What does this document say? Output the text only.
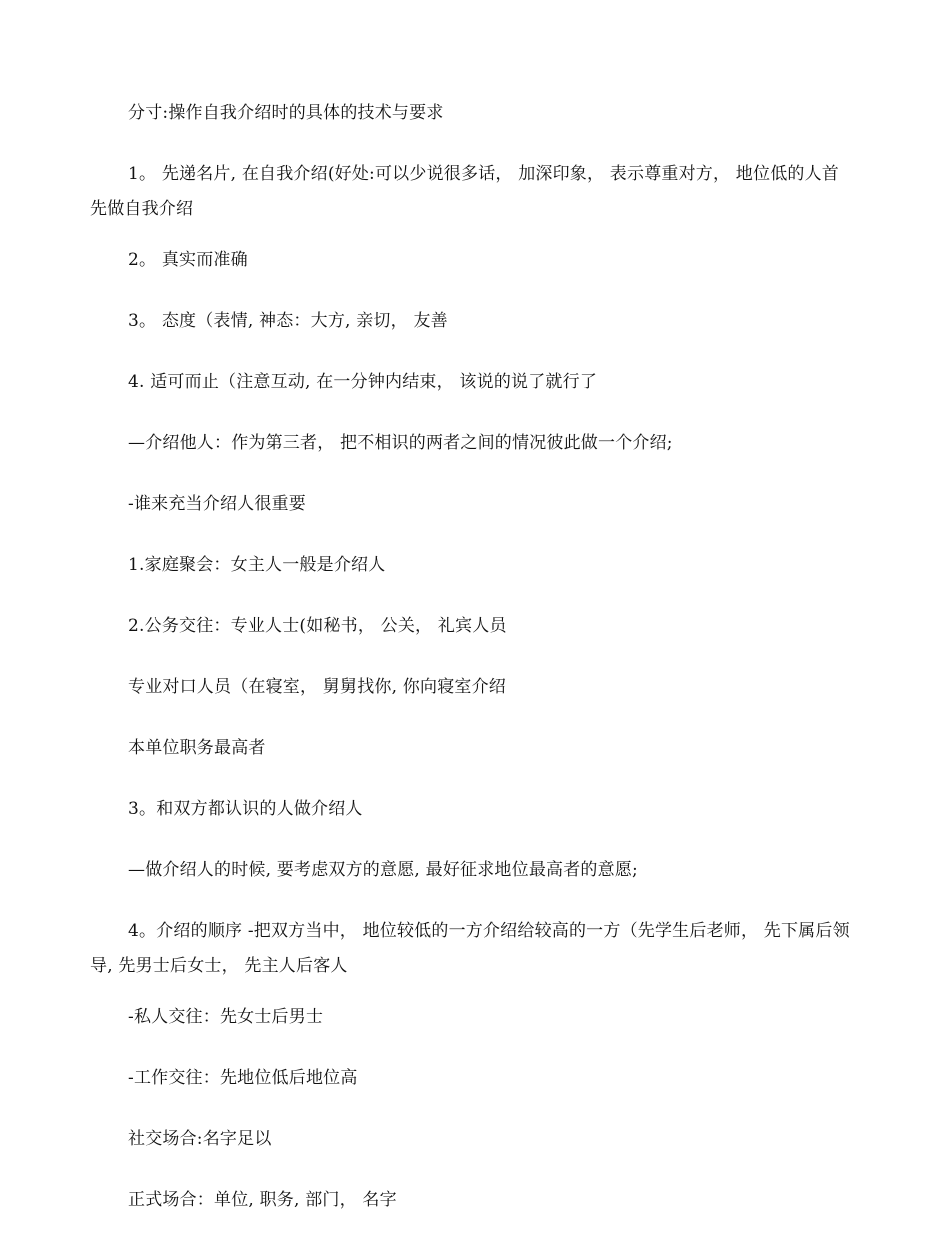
分寸:操作自我介绍时的具体的技术与要求

1。 先递名片, 在自我介绍(好处:可以少说很多话， 加深印象， 表示尊重对方， 地位低的人首先做自我介绍

2。 真实而准确

3。 态度（表情, 神态：大方, 亲切， 友善

4. 适可而止（注意互动, 在一分钟内结束， 该说的说了就行了

—介绍他人：作为第三者， 把不相识的两者之间的情况彼此做一个介绍;

-谁来充当介绍人很重要

1.家庭聚会：女主人一般是介绍人

2.公务交往：专业人士(如秘书， 公关， 礼宾人员

专业对口人员（在寝室， 舅舅找你, 你向寝室介绍

本单位职务最高者

3。和双方都认识的人做介绍人

—做介绍人的时候, 要考虑双方的意愿, 最好征求地位最高者的意愿;

4。介绍的顺序 -把双方当中， 地位较低的一方介绍给较高的一方（先学生后老师， 先下属后领导, 先男士后女士， 先主人后客人

-私人交往：先女士后男士

-工作交往：先地位低后地位高

社交场合:名字足以

正式场合：单位, 职务, 部门， 名字
